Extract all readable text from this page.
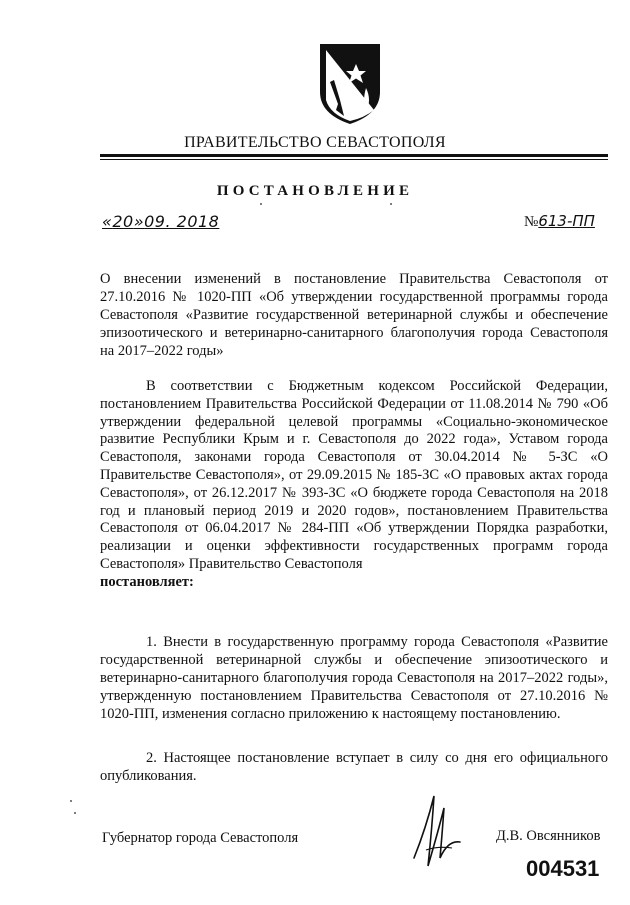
ПРАВИТЕЛЬСТВО СЕВАСТОПОЛЯ
ПОСТАНОВЛЕНИЕ
«20»09. 2018	№613-ПП
О внесении изменений в постановление Правительства Севастополя от 27.10.2016 № 1020-ПП «Об утверждении государственной программы города Севастополя «Развитие государственной ветеринарной службы и обеспечение эпизоотического и ветеринарно-санитарного благополучия города Севастополя на 2017–2022 годы»
В соответствии с Бюджетным кодексом Российской Федерации, постановлением Правительства Российской Федерации от 11.08.2014 № 790 «Об утверждении федеральной целевой программы «Социально-экономическое развитие Республики Крым и г. Севастополя до 2022 года», Уставом города Севастополя, законами города Севастополя от 30.04.2014 № 5-ЗС «О Правительстве Севастополя», от 29.09.2015 № 185-ЗС «О правовых актах города Севастополя», от 26.12.2017 № 393-ЗС «О бюджете города Севастополя на 2018 год и плановый период 2019 и 2020 годов», постановлением Правительства Севастополя от 06.04.2017 № 284-ПП «Об утверждении Порядка разработки, реализации и оценки эффективности государственных программ города Севастополя» Правительство Севастополя
постановляет:
1. Внести в государственную программу города Севастополя «Развитие государственной ветеринарной службы и обеспечение эпизоотического и ветеринарно-санитарного благополучия города Севастополя на 2017–2022 годы», утвержденную постановлением Правительства Севастополя от 27.10.2016 № 1020-ПП, изменения согласно приложению к настоящему постановлению.
2. Настоящее постановление вступает в силу со дня его официального опубликования.
Губернатор города Севастополя	Д.В. Овсянников
004531
